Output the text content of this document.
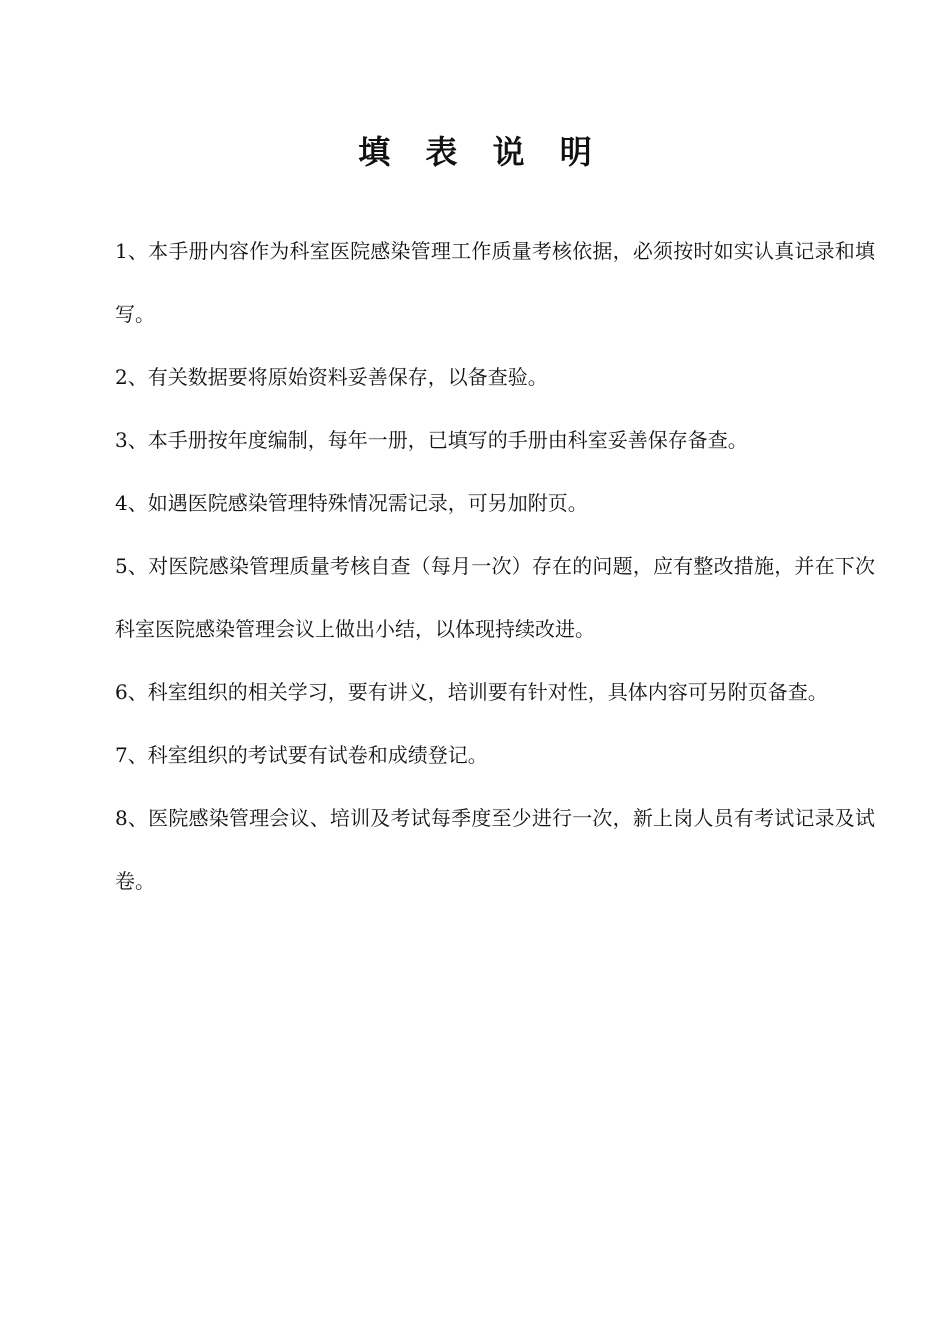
填 表 说 明

1、本手册内容作为科室医院感染管理工作质量考核依据，必须按时如实认真记录和填写。

2、有关数据要将原始资料妥善保存，以备查验。

3、本手册按年度编制，每年一册，已填写的手册由科室妥善保存备查。

4、如遇医院感染管理特殊情况需记录，可另加附页。

5、对医院感染管理质量考核自查（每月一次）存在的问题，应有整改措施，并在下次科室医院感染管理会议上做出小结，以体现持续改进。

6、科室组织的相关学习，要有讲义，培训要有针对性，具体内容可另附页备查。

7、科室组织的考试要有试卷和成绩登记。

8、医院感染管理会议、培训及考试每季度至少进行一次，新上岗人员有考试记录及试卷。
